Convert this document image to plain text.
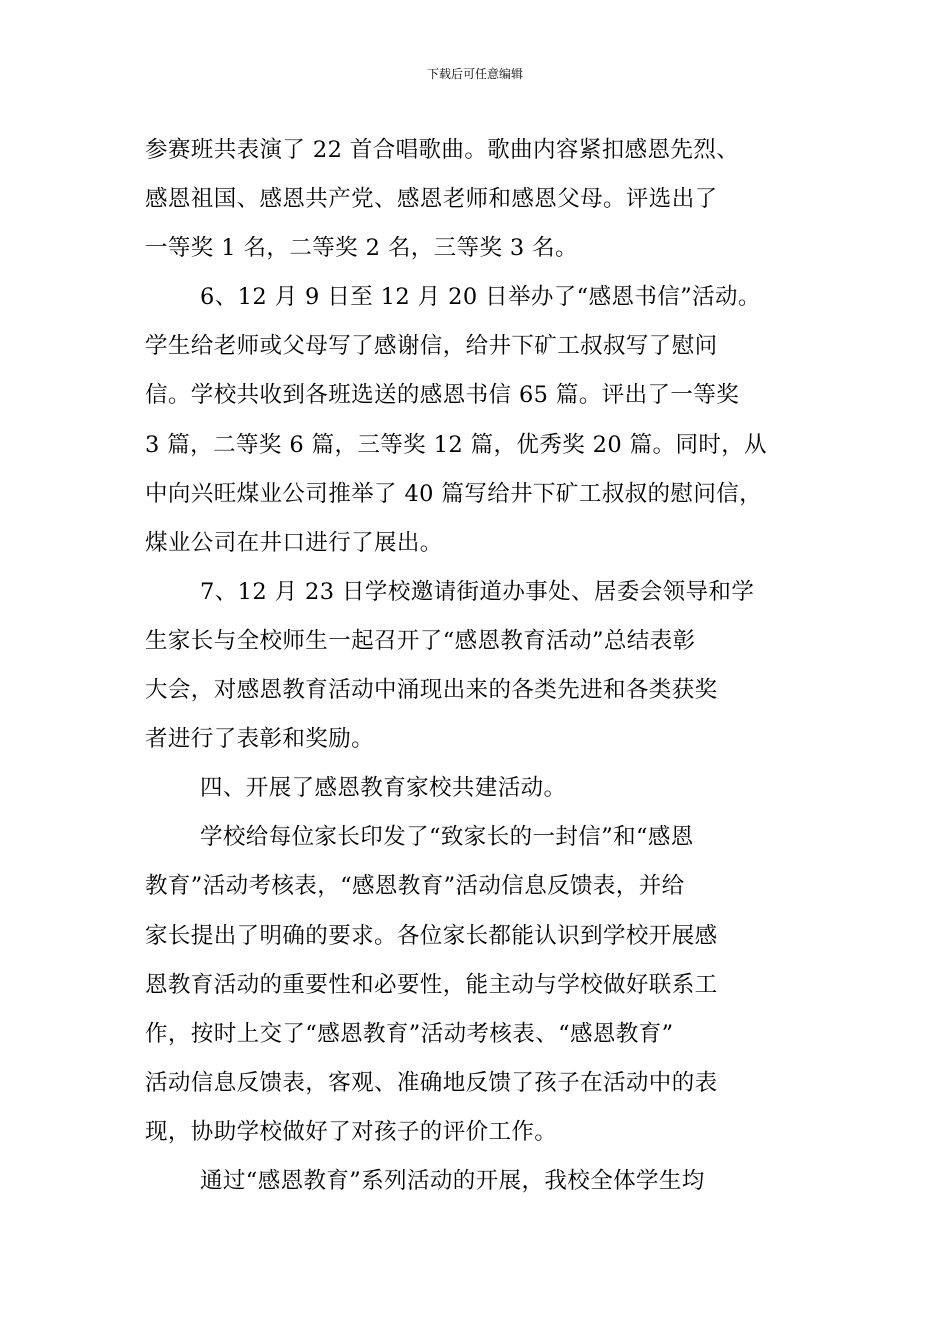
下载后可任意编辑
参赛班共表演了 22 首合唱歌曲。歌曲内容紧扣感恩先烈、
感恩祖国、感恩共产党、感恩老师和感恩父母。评选出了
一等奖 1 名，二等奖 2 名，三等奖 3 名。
6、12 月 9 日至 12 月 20 日举办了“感恩书信”活动。
学生给老师或父母写了感谢信，给井下矿工叔叔写了慰问
信。学校共收到各班选送的感恩书信 65 篇。评出了一等奖
3 篇，二等奖 6 篇，三等奖 12 篇，优秀奖 20 篇。同时，从
中向兴旺煤业公司推举了 40 篇写给井下矿工叔叔的慰问信，
煤业公司在井口进行了展出。
7、12 月 23 日学校邀请街道办事处、居委会领导和学
生家长与全校师生一起召开了“感恩教育活动”总结表彰
大会，对感恩教育活动中涌现出来的各类先进和各类获奖
者进行了表彰和奖励。
四、开展了感恩教育家校共建活动。
学校给每位家长印发了“致家长的一封信”和“感恩
教育”活动考核表，“感恩教育”活动信息反馈表，并给
家长提出了明确的要求。各位家长都能认识到学校开展感
恩教育活动的重要性和必要性，能主动与学校做好联系工
作，按时上交了“感恩教育”活动考核表、“感恩教育”
活动信息反馈表，客观、准确地反馈了孩子在活动中的表
现，协助学校做好了对孩子的评价工作。
通过“感恩教育”系列活动的开展，我校全体学生均
